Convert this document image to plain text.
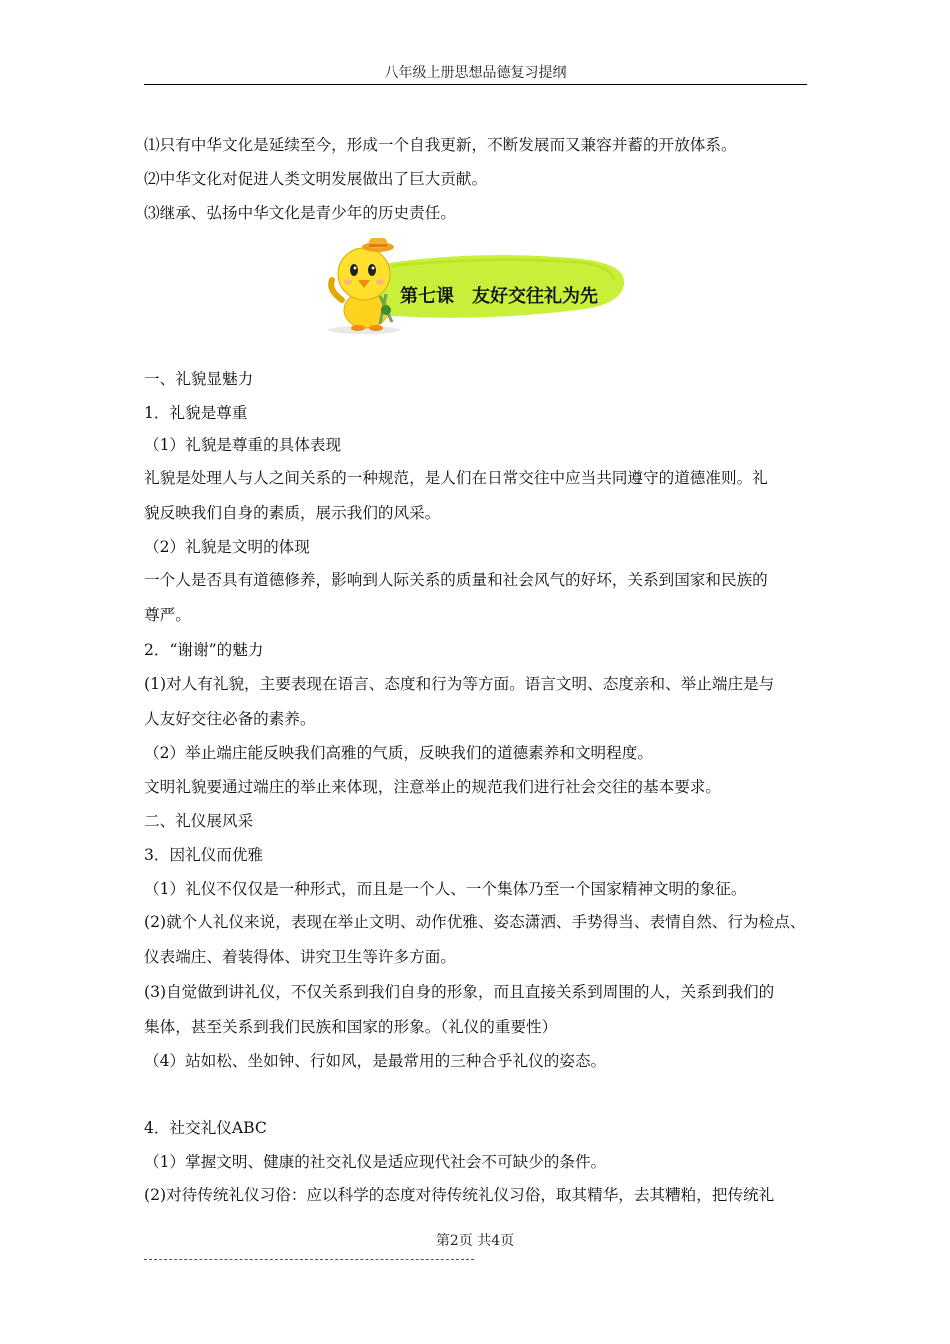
八年级上册思想品德复习提纲
⑴只有中华文化是延续至今，形成一个自我更新，不断发展而又兼容并蓄的开放体系。
⑵中华文化对促进人类文明发展做出了巨大贡献。
⑶继承、弘扬中华文化是青少年的历史责任。
一、礼貌显魅力
1．礼貌是尊重
（1）礼貌是尊重的具体表现
礼貌是处理人与人之间关系的一种规范，是人们在日常交往中应当共同遵守的道德准则。礼
貌反映我们自身的素质，展示我们的风采。
（2）礼貌是文明的体现
一个人是否具有道德修养，影响到人际关系的质量和社会风气的好坏，关系到国家和民族的
尊严。
2．“谢谢”的魅力
(1)对人有礼貌，主要表现在语言、态度和行为等方面。语言文明、态度亲和、举止端庄是与
人友好交往必备的素养。
（2）举止端庄能反映我们高雅的气质，反映我们的道德素养和文明程度。
文明礼貌要通过端庄的举止来体现，注意举止的规范我们进行社会交往的基本要求。
二、礼仪展风采
3．因礼仪而优雅
（1）礼仪不仅仅是一种形式，而且是一个人、一个集体乃至一个国家精神文明的象征。
(2)就个人礼仪来说，表现在举止文明、动作优雅、姿态潇洒、手势得当、表情自然、行为检点、
仪表端庄、着装得体、讲究卫生等许多方面。
(3)自觉做到讲礼仪，不仅关系到我们自身的形象，而且直接关系到周围的人，关系到我们的
集体，甚至关系到我们民族和国家的形象。（礼仪的重要性）
（4）站如松、坐如钟、行如风，是最常用的三种合乎礼仪的姿态。
4．社交礼仪ABC
（1）掌握文明、健康的社交礼仪是适应现代社会不可缺少的条件。
(2)对待传统礼仪习俗：应以科学的态度对待传统礼仪习俗，取其精华，去其糟粕，把传统礼
第七课　友好交往礼为先
第2页 共4页
